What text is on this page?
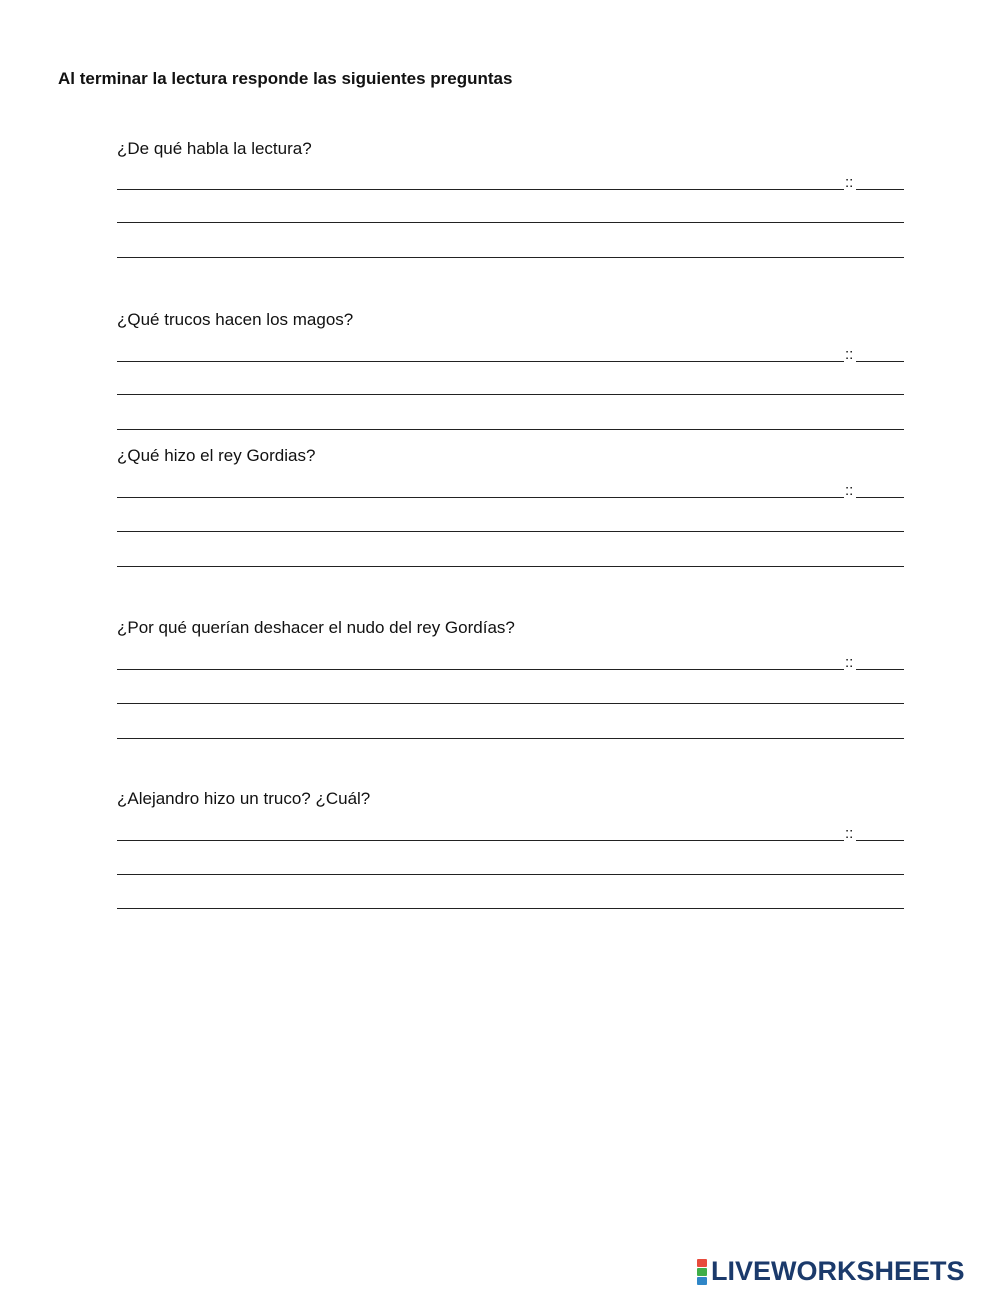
Al terminar la lectura responde las siguientes preguntas
¿De qué habla la lectura?
::
¿Qué trucos hacen los magos?
::
¿Qué hizo el rey Gordias?
::
¿Por qué querían deshacer el nudo del rey Gordías?
::
¿Alejandro hizo un truco? ¿Cuál?
::
LIVEWORKSHEETS
